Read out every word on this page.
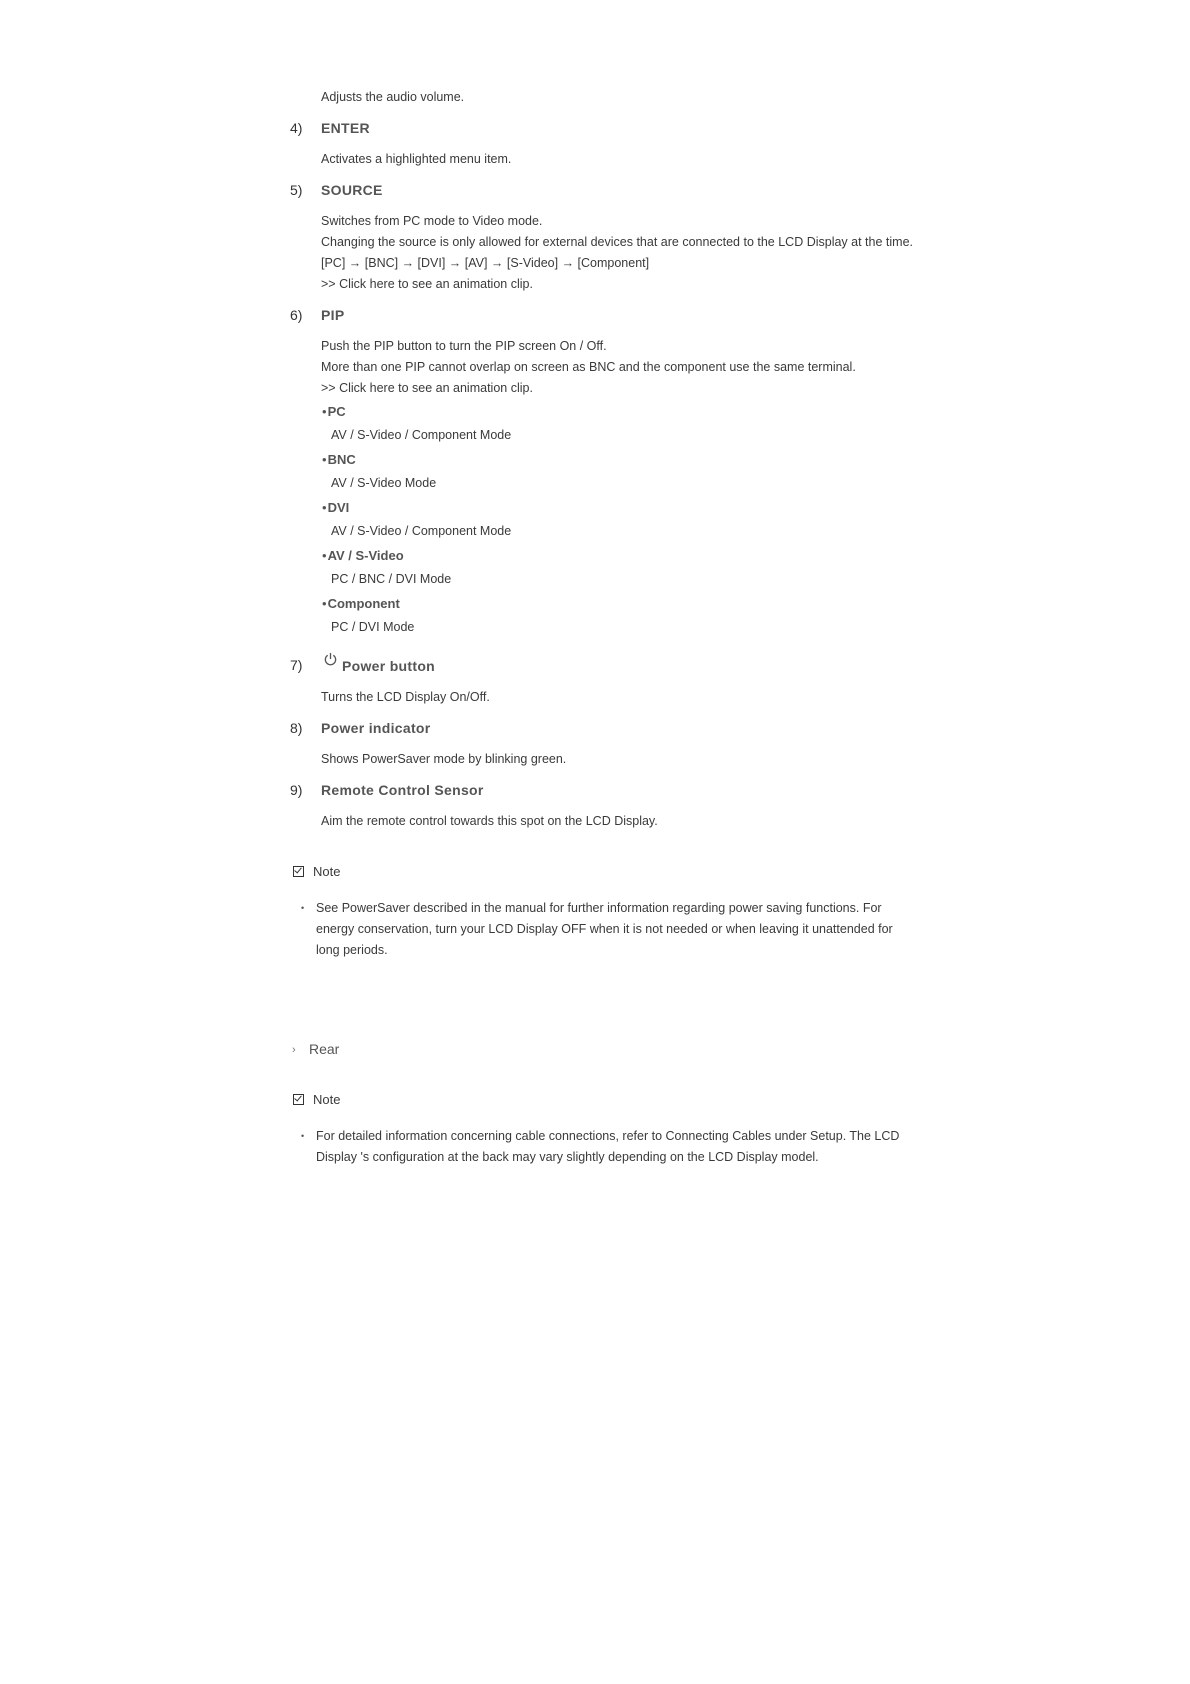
Adjusts the audio volume.
4) ENTER
Activates a highlighted menu item.
5) SOURCE
Switches from PC mode to Video mode.
Changing the source is only allowed for external devices that are connected to the LCD Display at the time.
[PC] → [BNC] → [DVI] → [AV] → [S-Video] → [Component]
>> Click here to see an animation clip.
6) PIP
Push the PIP button to turn the PIP screen On / Off.
More than one PIP cannot overlap on screen as BNC and the component use the same terminal.
>> Click here to see an animation clip.
•PC
AV / S-Video / Component Mode
•BNC
AV / S-Video Mode
•DVI
AV / S-Video / Component Mode
•AV / S-Video
PC / BNC / DVI Mode
•Component
PC / DVI Mode
7)	Power button
Turns the LCD Display On/Off.
8) Power indicator
Shows PowerSaver mode by blinking green.
9) Remote Control Sensor
Aim the remote control towards this spot on the LCD Display.
Note
• See PowerSaver described in the manual for further information regarding power saving functions. For
energy conservation, turn your LCD Display OFF when it is not needed or when leaving it unattended for
long periods.
› Rear
Note
• For detailed information concerning cable connections, refer to Connecting Cables under Setup. The LCD
Display 's configuration at the back may vary slightly depending on the LCD Display model.
